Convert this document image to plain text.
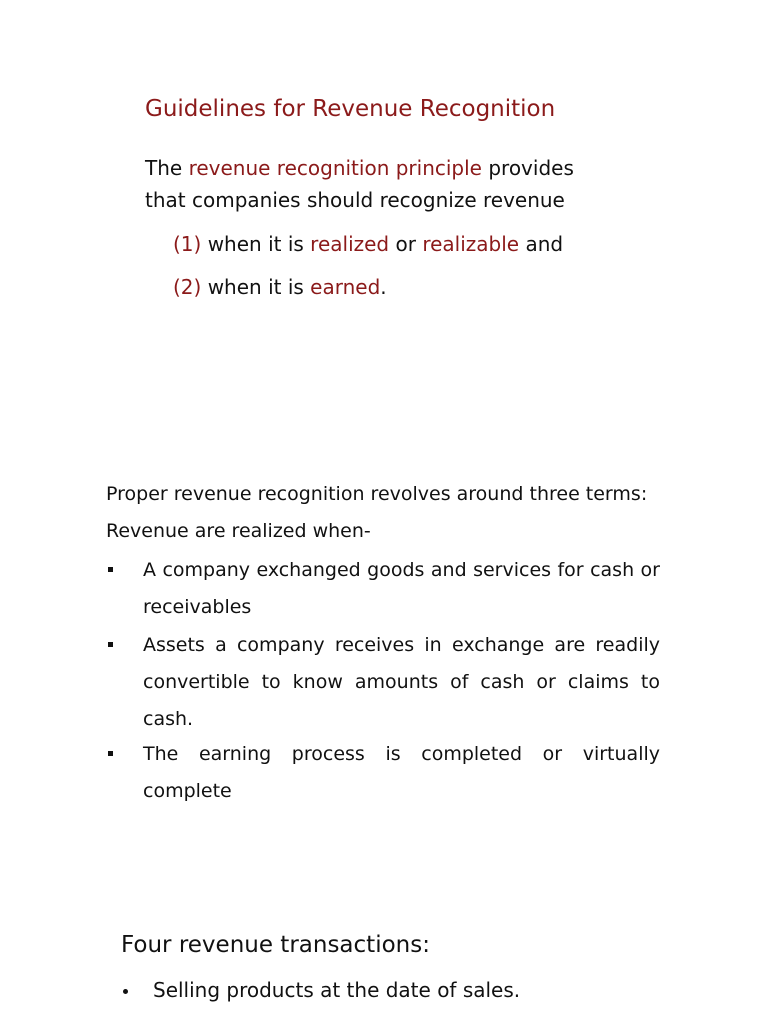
Guidelines for Revenue Recognition
The revenue recognition principle provides that companies should recognize revenue
(1) when it is realized or realizable and
(2) when it is earned.
Proper revenue recognition revolves around three terms:
Revenue are realized when-
A company exchanged goods and services for cash or receivables
Assets a company receives in exchange are readily convertible to know amounts of cash or claims to cash.
The earning process is completed or virtually complete
Four revenue transactions:
Selling products at the date of sales.
